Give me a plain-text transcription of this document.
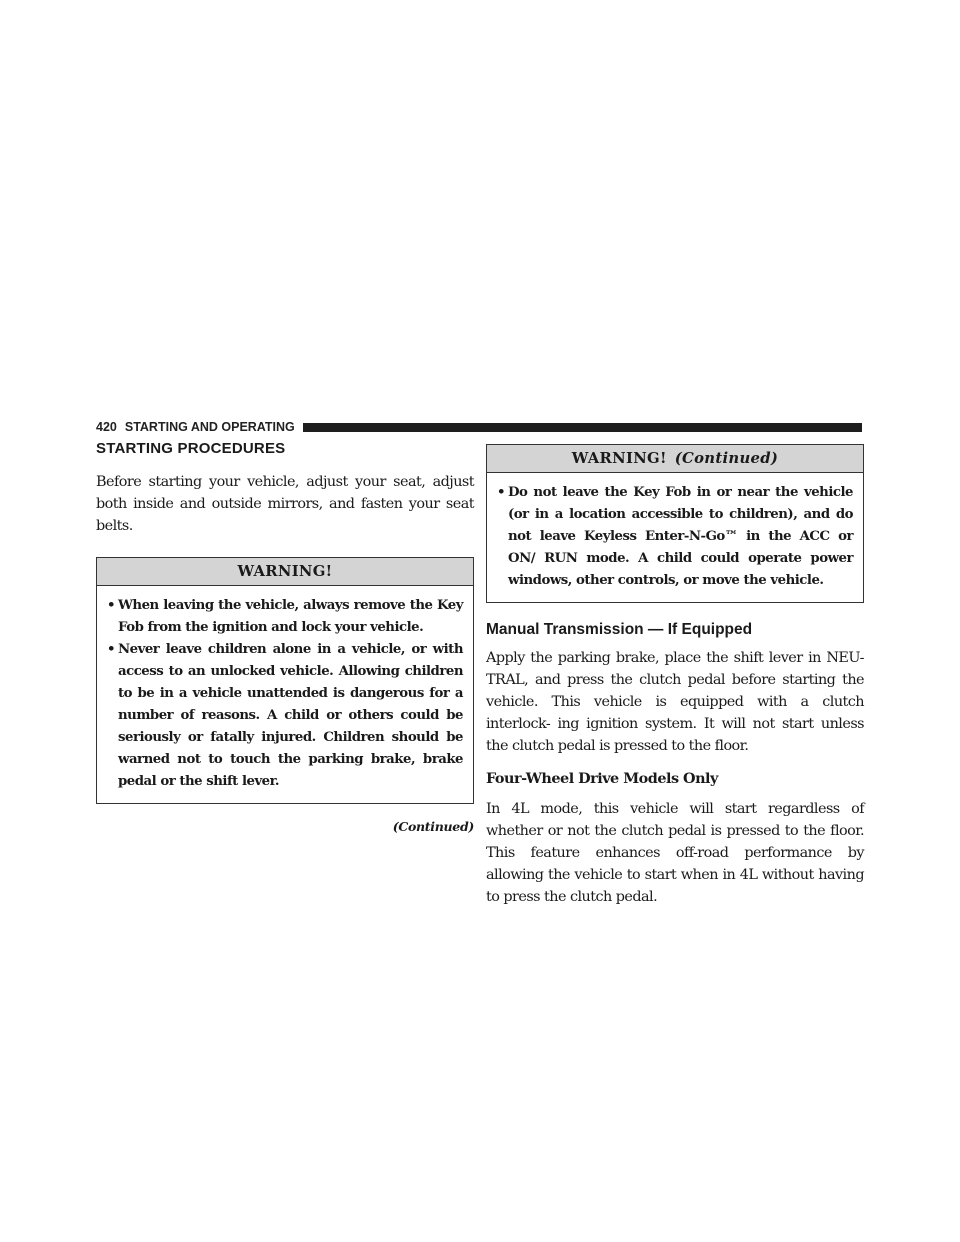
420 STARTING AND OPERATING
STARTING PROCEDURES

Before starting your vehicle, adjust your seat, adjust both inside and outside mirrors, and fasten your seat belts.

WARNING!
• When leaving the vehicle, always remove the Key Fob from the ignition and lock your vehicle.
• Never leave children alone in a vehicle, or with access to an unlocked vehicle. Allowing children to be in a vehicle unattended is dangerous for a number of reasons. A child or others could be seriously or fatally injured. Children should be warned not to touch the parking brake, brake pedal or the shift lever.
(Continued)
WARNING! (Continued)
• Do not leave the Key Fob in or near the vehicle (or in a location accessible to children), and do not leave Keyless Enter-N-Go™ in the ACC or ON/ RUN mode. A child could operate power windows, other controls, or move the vehicle.
Manual Transmission — If Equipped

Apply the parking brake, place the shift lever in NEU- TRAL, and press the clutch pedal before starting the vehicle. This vehicle is equipped with a clutch interlock- ing ignition system. It will not start unless the clutch pedal is pressed to the floor.

Four-Wheel Drive Models Only

In 4L mode, this vehicle will start regardless of whether or not the clutch pedal is pressed to the floor. This feature enhances off-road performance by allowing the vehicle to start when in 4L without having to press the clutch pedal.
